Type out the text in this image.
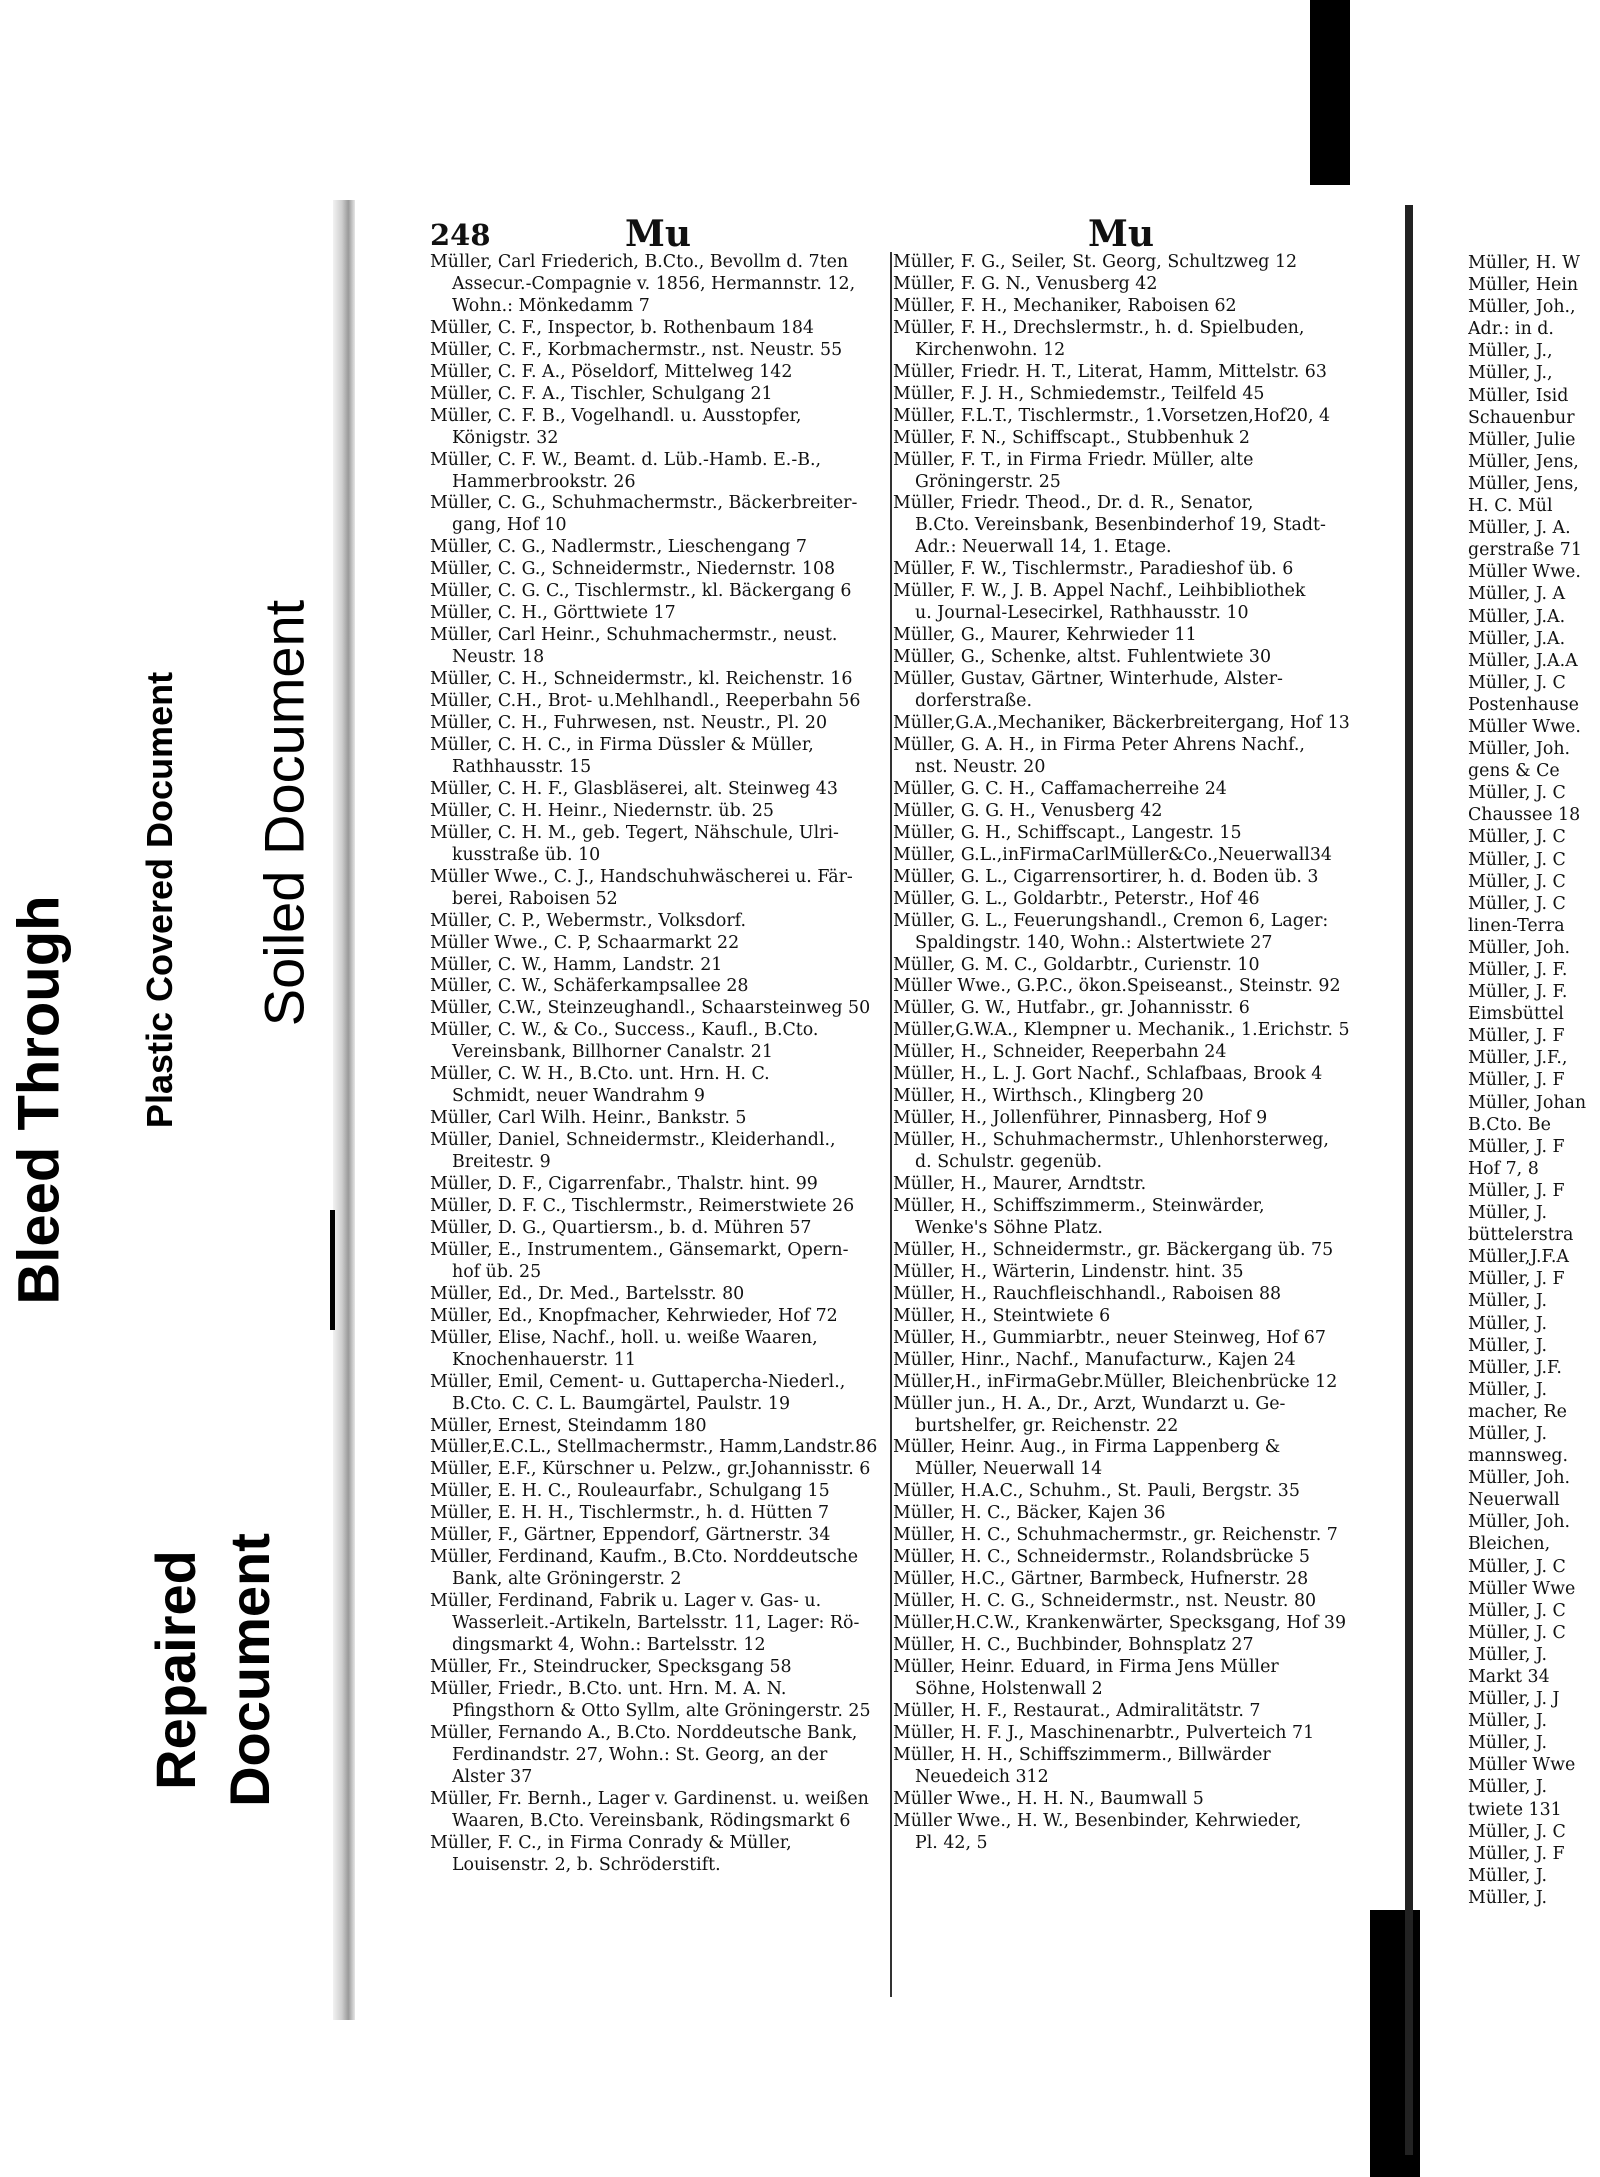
Bleed Through Plastic Covered Document Soiled Document
Repaired Document
248	Mu	Mu
Müller, Carl Friederich, B.Cto., Bevollm d. 7ten
Assecur.-Compagnie v. 1856, Hermannstr. 12,
Wohn.: Mönkedamm 7
Müller, C. F., Inspector, b. Rothenbaum 184
Müller, C. F., Korbmachermstr., nst. Neustr. 55
Müller, C. F. A., Pöseldorf, Mittelweg 142
Müller, C. F. A., Tischler, Schulgang 21
Müller, C. F. B., Vogelhandl. u. Ausstopfer,
Königstr. 32
Müller, C. F. W., Beamt. d. Lüb.-Hamb. E.-B.,
Hammerbrookstr. 26
Müller, C. G., Schuhmachermstr., Bäckerbreiter-
gang, Hof 10
Müller, C. G., Nadlermstr., Lieschengang 7
Müller, C. G., Schneidermstr., Niedernstr. 108
Müller, C. G. C., Tischlermstr., kl. Bäckergang 6
Müller, C. H., Görttwiete 17
Müller, Carl Heinr., Schuhmachermstr., neust.
Neustr. 18
Müller, C. H., Schneidermstr., kl. Reichenstr. 16
Müller, C.H., Brot- u.Mehlhandl., Reeperbahn 56
Müller, C. H., Fuhrwesen, nst. Neustr., Pl. 20
Müller, C. H. C., in Firma Düssler & Müller,
Rathhausstr. 15
Müller, C. H. F., Glasbläserei, alt. Steinweg 43
Müller, C. H. Heinr., Niedernstr. üb. 25
Müller, C. H. M., geb. Tegert, Nähschule, Ulri-
kusstraße üb. 10
Müller Wwe., C. J., Handschuhwäscherei u. Fär-
berei, Raboisen 52
Müller, C. P., Webermstr., Volksdorf.
Müller Wwe., C. P, Schaarmarkt 22
Müller, C. W., Hamm, Landstr. 21
Müller, C. W., Schäferkampsallee 28
Müller, C.W., Steinzeughandl., Schaarsteinweg 50
Müller, C. W., & Co., Success., Kaufl., B.Cto.
Vereinsbank, Billhorner Canalstr. 21
Müller, C. W. H., B.Cto. unt. Hrn. H. C.
Schmidt, neuer Wandrahm 9
Müller, Carl Wilh. Heinr., Bankstr. 5
Müller, Daniel, Schneidermstr., Kleiderhandl.,
Breitestr. 9
Müller, D. F., Cigarrenfabr., Thalstr. hint. 99
Müller, D. F. C., Tischlermstr., Reimerstwiete 26
Müller, D. G., Quartiersm., b. d. Mühren 57
Müller, E., Instrumentem., Gänsemarkt, Opern-
hof üb. 25
Müller, Ed., Dr. Med., Bartelsstr. 80
Müller, Ed., Knopfmacher, Kehrwieder, Hof 72
Müller, Elise, Nachf., holl. u. weiße Waaren,
Knochenhauerstr. 11
Müller, Emil, Cement- u. Guttapercha-Niederl.,
B.Cto. C. C. L. Baumgärtel, Paulstr. 19
Müller, Ernest, Steindamm 180
Müller,E.C.L., Stellmachermstr., Hamm,Landstr.86
Müller, E.F., Kürschner u. Pelzw., gr.Johannisstr. 6
Müller, E. H. C., Rouleaurfabr., Schulgang 15
Müller, E. H. H., Tischlermstr., h. d. Hütten 7
Müller, F., Gärtner, Eppendorf, Gärtnerstr. 34
Müller, Ferdinand, Kaufm., B.Cto. Norddeutsche
Bank, alte Gröningerstr. 2
Müller, Ferdinand, Fabrik u. Lager v. Gas- u.
Wasserleit.-Artikeln, Bartelsstr. 11, Lager: Rö-
dingsmarkt 4, Wohn.: Bartelsstr. 12
Müller, Fr., Steindrucker, Specksgang 58
Müller, Friedr., B.Cto. unt. Hrn. M. A. N.
Pfingsthorn & Otto Syllm, alte Gröningerstr. 25
Müller, Fernando A., B.Cto. Norddeutsche Bank,
Ferdinandstr. 27, Wohn.: St. Georg, an der
Alster 37
Müller, Fr. Bernh., Lager v. Gardinenst. u. weißen
Waaren, B.Cto. Vereinsbank, Rödingsmarkt 6
Müller, F. C., in Firma Conrady & Müller,
Louisenstr. 2, b. Schröderstift.
Müller, F. G., Seiler, St. Georg, Schultzweg 12
Müller, F. G. N., Venusberg 42
Müller, F. H., Mechaniker, Raboisen 62
Müller, F. H., Drechslermstr., h. d. Spielbuden,
Kirchenwohn. 12
Müller, Friedr. H. T., Literat, Hamm, Mittelstr. 63
Müller, F. J. H., Schmiedemstr., Teilfeld 45
Müller, F.L.T., Tischlermstr., 1.Vorsetzen,Hof20, 4
Müller, F. N., Schiffscapt., Stubbenhuk 2
Müller, F. T., in Firma Friedr. Müller, alte
Gröningerstr. 25
Müller, Friedr. Theod., Dr. d. R., Senator,
B.Cto. Vereinsbank, Besenbinderhof 19, Stadt-
Adr.: Neuerwall 14, 1. Etage.
Müller, F. W., Tischlermstr., Paradieshof üb. 6
Müller, F. W., J. B. Appel Nachf., Leihbibliothek
u. Journal-Lesecirkel, Rathhausstr. 10
Müller, G., Maurer, Kehrwieder 11
Müller, G., Schenke, altst. Fuhlentwiete 30
Müller, Gustav, Gärtner, Winterhude, Alster-
dorferstraße.
Müller,G.A.,Mechaniker, Bäckerbreitergang, Hof 13
Müller, G. A. H., in Firma Peter Ahrens Nachf.,
nst. Neustr. 20
Müller, G. C. H., Caffamacherreihe 24
Müller, G. G. H., Venusberg 42
Müller, G. H., Schiffscapt., Langestr. 15
Müller, G.L.,inFirmaCarlMüller&Co.,Neuerwall34
Müller, G. L., Cigarrensortirer, h. d. Boden üb. 3
Müller, G. L., Goldarbtr., Peterstr., Hof 46
Müller, G. L., Feuerungshandl., Cremon 6, Lager:
Spaldingstr. 140, Wohn.: Alstertwiete 27
Müller, G. M. C., Goldarbtr., Curienstr. 10
Müller Wwe., G.P.C., ökon.Speiseanst., Steinstr. 92
Müller, G. W., Hutfabr., gr. Johannisstr. 6
Müller,G.W.A., Klempner u. Mechanik., 1.Erichstr. 5
Müller, H., Schneider, Reeperbahn 24
Müller, H., L. J. Gort Nachf., Schlafbaas, Brook 4
Müller, H., Wirthsch., Klingberg 20
Müller, H., Jollenführer, Pinnasberg, Hof 9
Müller, H., Schuhmachermstr., Uhlenhorsterweg,
d. Schulstr. gegenüb.
Müller, H., Maurer, Arndtstr.
Müller, H., Schiffszimmerm., Steinwärder,
Wenke's Söhne Platz.
Müller, H., Schneidermstr., gr. Bäckergang üb. 75
Müller, H., Wärterin, Lindenstr. hint. 35
Müller, H., Rauchfleischhandl., Raboisen 88
Müller, H., Steintwiete 6
Müller, H., Gummiarbtr., neuer Steinweg, Hof 67
Müller, Hinr., Nachf., Manufacturw., Kajen 24
Müller,H., inFirmaGebr.Müller, Bleichenbrücke 12
Müller jun., H. A., Dr., Arzt, Wundarzt u. Ge-
burtshelfer, gr. Reichenstr. 22
Müller, Heinr. Aug., in Firma Lappenberg &
Müller, Neuerwall 14
Müller, H.A.C., Schuhm., St. Pauli, Bergstr. 35
Müller, H. C., Bäcker, Kajen 36
Müller, H. C., Schuhmachermstr., gr. Reichenstr. 7
Müller, H. C., Schneidermstr., Rolandsbrücke 5
Müller, H.C., Gärtner, Barmbeck, Hufnerstr. 28
Müller, H. C. G., Schneidermstr., nst. Neustr. 80
Müller,H.C.W., Krankenwärter, Specksgang, Hof 39
Müller, H. C., Buchbinder, Bohnsplatz 27
Müller, Heinr. Eduard, in Firma Jens Müller
Söhne, Holstenwall 2
Müller, H. F., Restaurat., Admiralitätstr. 7
Müller, H. F. J., Maschinenarbtr., Pulverteich 71
Müller, H. H., Schiffszimmerm., Billwärder
Neuedeich 312
Müller Wwe., H. H. N., Baumwall 5
Müller Wwe., H. W., Besenbinder, Kehrwieder,
Pl. 42, 5
Müller, H. W
Müller, Hein
Müller, Joh.,
Adr.: in d.
Müller, J.,
Müller, J.,
Müller, Isid
Schauenbur
Müller, Julie
Müller, Jens,
Müller, Jens,
H. C. Mül
Müller, J. A.
gerstraße 71
Müller Wwe.
Müller, J. A
Müller, J.A.
Müller, J.A.
Müller, J.A.A
Müller, J. C
Postenhause
Müller Wwe.
Müller, Joh.
gens & Ce
Müller, J. C
Chaussee 18
Müller, J. C
Müller, J. C
Müller, J. C
Müller, J. C
linen-Terra
Müller, Joh.
Müller, J. F.
Müller, J. F.
Eimsbüttel
Müller, J. F
Müller, J.F.,
Müller, J. F
Müller, Johan
B.Cto. Be
Müller, J. F
Hof 7, 8
Müller, J. F
Müller, J.
büttelerstra
Müller,J.F.A
Müller, J. F
Müller, J.
Müller, J.
Müller, J.
Müller, J.F.
Müller, J.
macher, Re
Müller, J.
mannsweg.
Müller, Joh.
Neuerwall
Müller, Joh.
Bleichen,
Müller, J. C
Müller Wwe
Müller, J. C
Müller, J. C
Müller, J.
Markt 34
Müller, J. J
Müller, J.
Müller, J.
Müller Wwe
Müller, J.
twiete 131
Müller, J. C
Müller, J. F
Müller, J.
Müller, J.
